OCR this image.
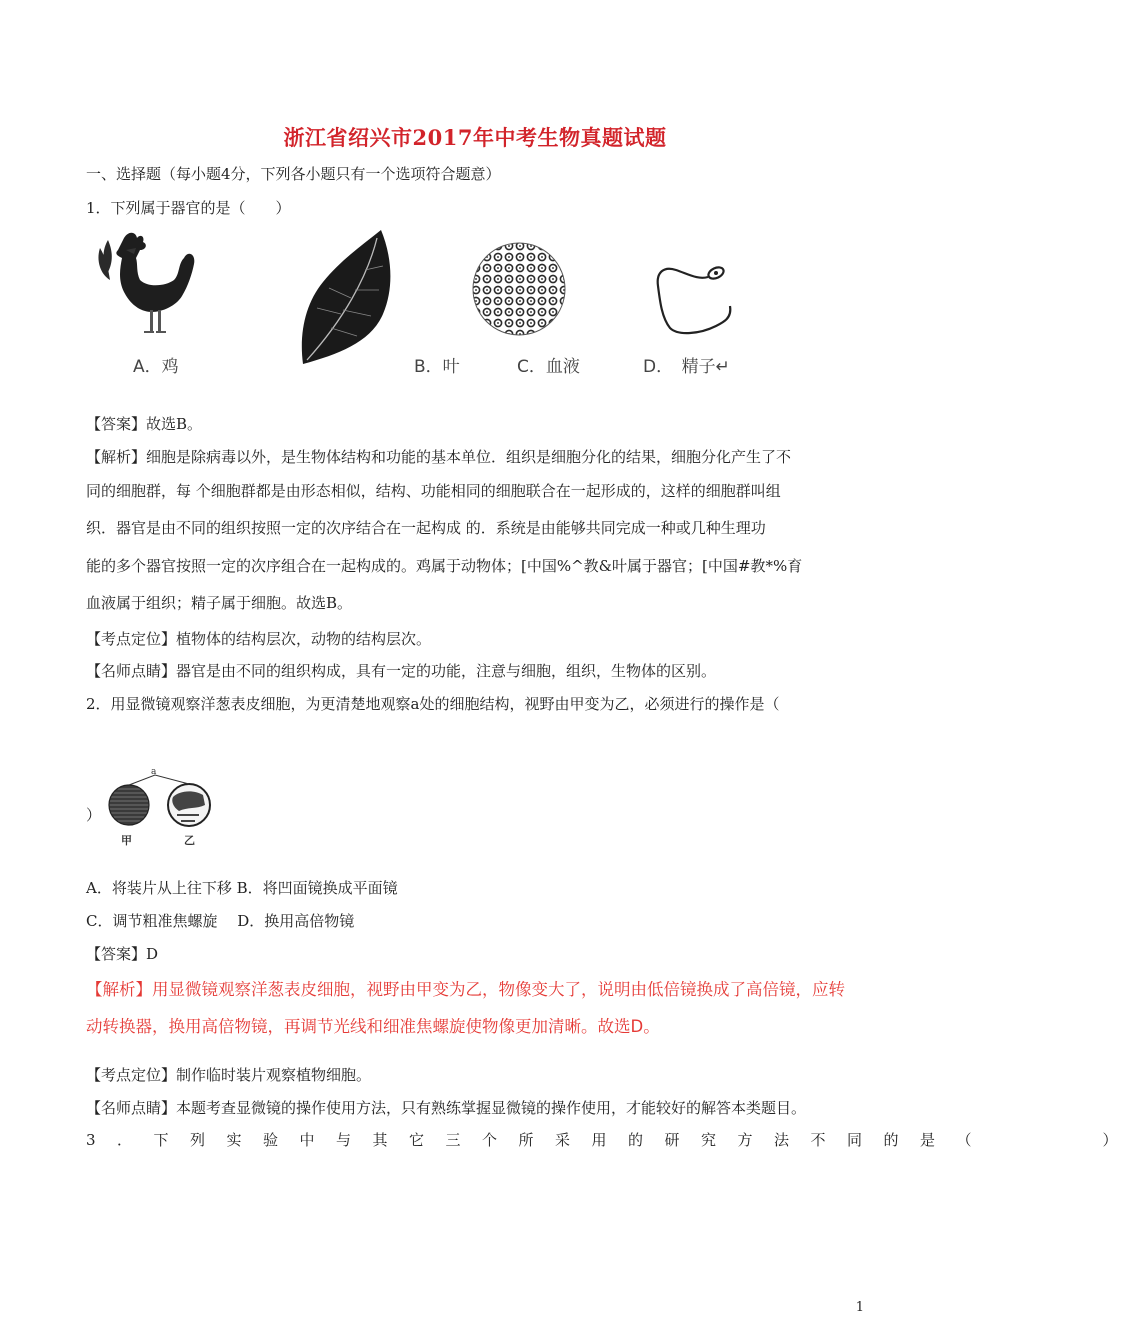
浙江省绍兴市2017年中考生物真题试题
一、选择题（每小题4分，下列各小题只有一个选项符合题意）
1．下列属于器官的是（　　）
A．鸡	B．叶	C．血液	D．　精子↵
【答案】故选B。
【解析】细胞是除病毒以外，是生物体结构和功能的基本单位．组织是细胞分化的结果，细胞分化产生了不
同的细胞群，每 个细胞群都是由形态相似，结构、功能相同的细胞联合在一起形成的，这样的细胞群叫组
织．器官是由不同的组织按照一定的次序结合在一起构成 的．系统是由能够共同完成一种或几种生理功
能的多个器官按照一定的次序组合在一起构成的。鸡属于动物体；[中国%^教&叶属于器官；[中国#教*%育
血液属于组织；精子属于细胞。故选B。
【考点定位】植物体的结构层次，动物的结构层次。
【名师点睛】器官是由不同的组织构成，具有一定的功能，注意与细胞，组织，生物体的区别。
2．用显微镜观察洋葱表皮细胞，为更清楚地观察a处的细胞结构，视野由甲变为乙，必须进行的操作是（
）
a
甲	乙
A．将装片从上往下移 B．将凹面镜换成平面镜
C．调节粗准焦螺旋　 D．换用高倍物镜
【答案】D
【解析】用显微镜观察洋葱表皮细胞，视野由甲变为乙，物像变大了，说明由低倍镜换成了高倍镜，应转
动转换器，换用高倍物镜，再调节光线和细准焦螺旋使物像更加清晰。故选D。
【考点定位】制作临时装片观察植物细胞。
【名师点睛】本题考查显微镜的操作使用方法，只有熟练掌握显微镜的操作使用，才能较好的解答本类题目。
3．下列实验中与其它三个所采用的研究方法不同的是（　　　）
1
